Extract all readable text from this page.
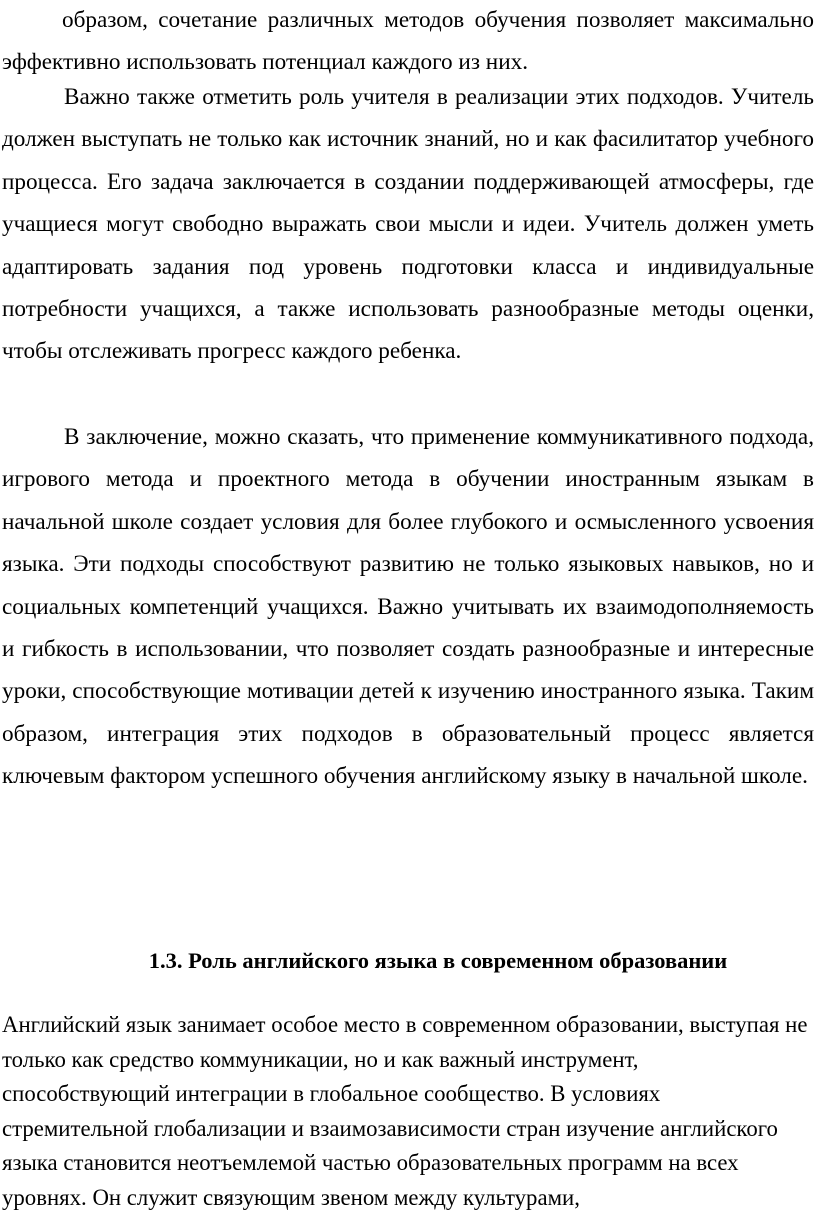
образом, сочетание различных методов обучения позволяет максимально эффективно использовать потенциал каждого из них.

Важно также отметить роль учителя в реализации этих подходов. Учитель должен выступать не только как источник знаний, но и как фасилитатор учебного процесса. Его задача заключается в создании поддерживающей атмосферы, где учащиеся могут свободно выражать свои мысли и идеи. Учитель должен уметь адаптировать задания под уровень подготовки класса и индивидуальные потребности учащихся, а также использовать разнообразные методы оценки, чтобы отслеживать прогресс каждого ребенка.

В заключение, можно сказать, что применение коммуникативного подхода, игрового метода и проектного метода в обучении иностранным языкам в начальной школе создает условия для более глубокого и осмысленного усвоения языка. Эти подходы способствуют развитию не только языковых навыков, но и социальных компетенций учащихся. Важно учитывать их взаимодополняемость и гибкость в использовании, что позволяет создать разнообразные и интересные уроки, способствующие мотивации детей к изучению иностранного языка. Таким образом, интеграция этих подходов в образовательный процесс является ключевым фактором успешного обучения английскому языку в начальной школе.

1.3. Роль английского языка в современном образовании

Английский язык занимает особое место в современном образовании, выступая не только как средство коммуникации, но и как важный инструмент, способствующий интеграции в глобальное сообщество. В условиях стремительной глобализации и взаимозависимости стран изучение английского языка становится неотъемлемой частью образовательных программ на всех уровнях. Он служит связующим звеном между культурами,
